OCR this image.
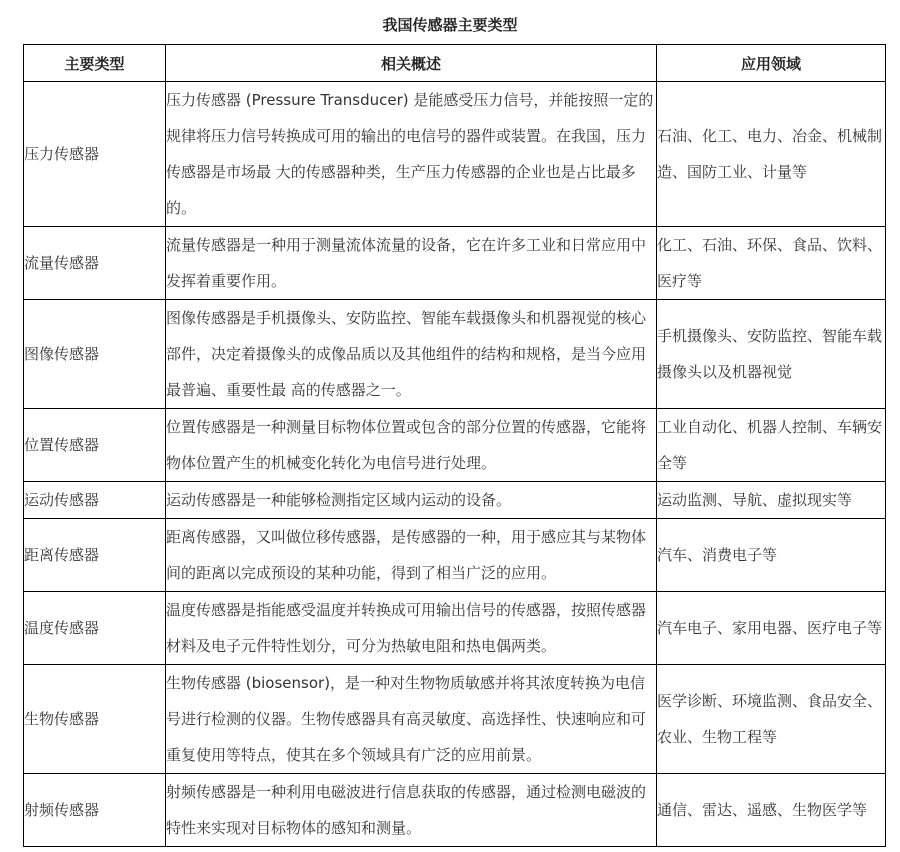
我国传感器主要类型
主要类型	相关概述	应用领域
压力传感器	压力传感器 (Pressure Transducer) 是能感受压力信号，并能按照一定的规律将压力信号转换成可用的输出的电信号的器件或装置。在我国，压力传感器是市场最 大的传感器种类，生产压力传感器的企业也是占比最多的。	石油、化工、电力、冶金、机械制造、国防工业、计量等
流量传感器	流量传感器是一种用于测量流体流量的设备，它在许多工业和日常应用中发挥着重要作用。	化工、石油、环保、食品、饮料、医疗等
图像传感器	图像传感器是手机摄像头、安防监控、智能车载摄像头和机器视觉的核心部件，决定着摄像头的成像品质以及其他组件的结构和规格，是当今应用最普遍、重要性最 高的传感器之一。	手机摄像头、安防监控、智能车载摄像头以及机器视觉
位置传感器	位置传感器是一种测量目标物体位置或包含的部分位置的传感器，它能将物体位置产生的机械变化转化为电信号进行处理。	工业自动化、机器人控制、车辆安全等
运动传感器	运动传感器是一种能够检测指定区域内运动的设备。	运动监测、导航、虚拟现实等
距离传感器	距离传感器，又叫做位移传感器，是传感器的一种，用于感应其与某物体间的距离以完成预设的某种功能，得到了相当广泛的应用。	汽车、消费电子等
温度传感器	温度传感器是指能感受温度并转换成可用输出信号的传感器，按照传感器材料及电子元件特性划分，可分为热敏电阻和热电偶两类。	汽车电子、家用电器、医疗电子等
生物传感器	生物传感器 (biosensor)，是一种对生物物质敏感并将其浓度转换为电信号进行检测的仪器。生物传感器具有高灵敏度、高选择性、快速响应和可重复使用等特点，使其在多个领域具有广泛的应用前景。	医学诊断、环境监测、食品安全、农业、生物工程等
射频传感器	射频传感器是一种利用电磁波进行信息获取的传感器，通过检测电磁波的特性来实现对目标物体的感知和测量。	通信、雷达、遥感、生物医学等
